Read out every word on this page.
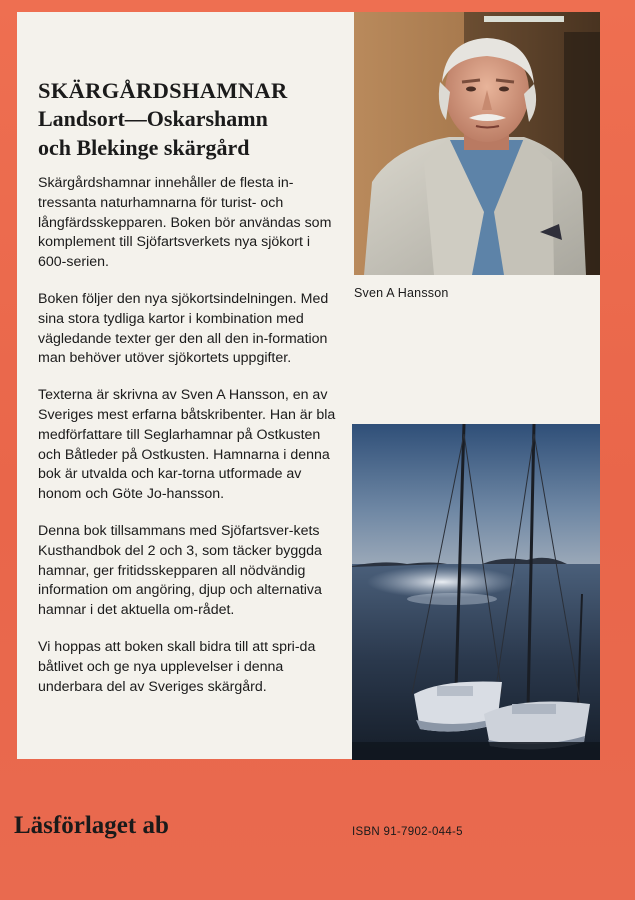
SKÄRGÅRDSHAMNAR
Landsort—Oskarshamn
och Blekinge skärgård

Skärgårdshamnar innehåller de flesta in-tressanta naturhamnarna för turist- och långfärdsskepparen. Boken bör användas som komplement till Sjöfartsverkets nya sjökort i 600-serien.

Boken följer den nya sjökortsindelningen. Med sina stora tydliga kartor i kombination med vägledande texter ger den all den in-formation man behöver utöver sjökortets uppgifter.

Texterna är skrivna av Sven A Hansson, en av Sveriges mest erfarna båtskribenter. Han är bla medförfattare till Seglarhamnar på Ostkusten och Båtleder på Ostkusten. Hamnarna i denna bok är utvalda och kar-torna utformade av honom och Göte Jo-hansson.

Denna bok tillsammans med Sjöfartsver-kets Kusthandbok del 2 och 3, som täcker byggda hamnar, ger fritidsskepparen all nödvändig information om angöring, djup och alternativa hamnar i det aktuella om-rådet.

Vi hoppas att boken skall bidra till att spri-da båtlivet och ge nya upplevelser i denna underbara del av Sveriges skärgård.

Sven A Hansson
Läsförlaget ab	ISBN 91-7902-044-5
